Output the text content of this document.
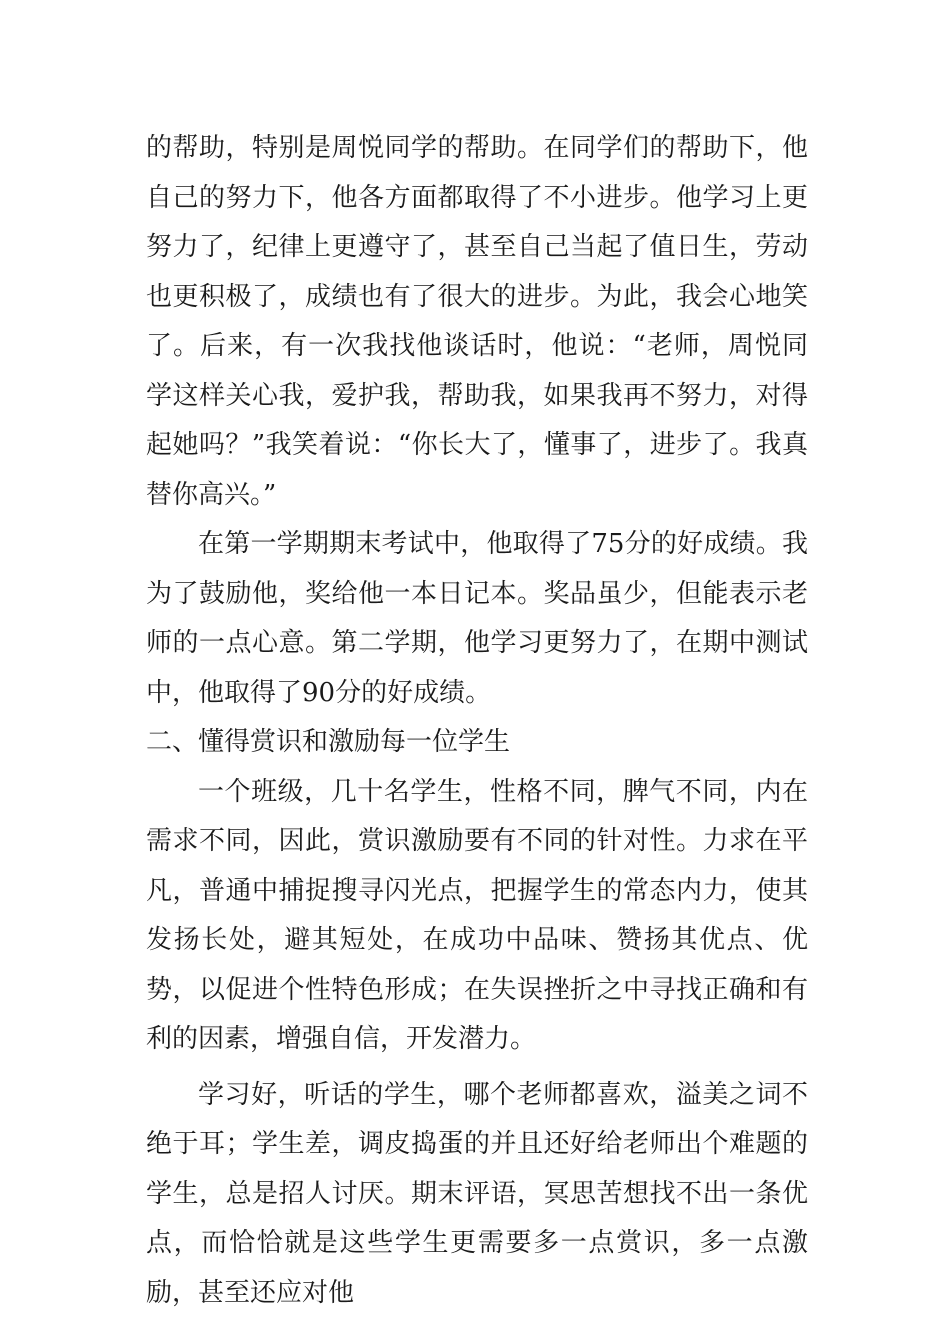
的帮助，特别是周悦同学的帮助。在同学们的帮助下，他自己的努力下，他各方面都取得了不小进步。他学习上更努力了，纪律上更遵守了，甚至自己当起了值日生，劳动也更积极了，成绩也有了很大的进步。为此，我会心地笑了。后来，有一次我找他谈话时，他说：“老师，周悦同学这样关心我，爱护我，帮助我，如果我再不努力，对得起她吗？”我笑着说：“你长大了，懂事了，进步了。我真替你高兴。”

在第一学期期末考试中，他取得了75分的好成绩。我为了鼓励他，奖给他一本日记本。奖品虽少，但能表示老师的一点心意。第二学期，他学习更努力了，在期中测试中，他取得了90分的好成绩。

二、懂得赏识和激励每一位学生

一个班级，几十名学生，性格不同，脾气不同，内在需求不同，因此，赏识激励要有不同的针对性。力求在平凡，普通中捕捉搜寻闪光点，把握学生的常态内力，使其发扬长处，避其短处，在成功中品味、赞扬其优点、优势，以促进个性特色形成；在失误挫折之中寻找正确和有利的因素，增强自信，开发潜力。

学习好，听话的学生，哪个老师都喜欢，溢美之词不绝于耳；学生差，调皮捣蛋的并且还好给老师出个难题的学生，总是招人讨厌。期末评语，冥思苦想找不出一条优点，而恰恰就是这些学生更需要多一点赏识，多一点激励，甚至还应对他
